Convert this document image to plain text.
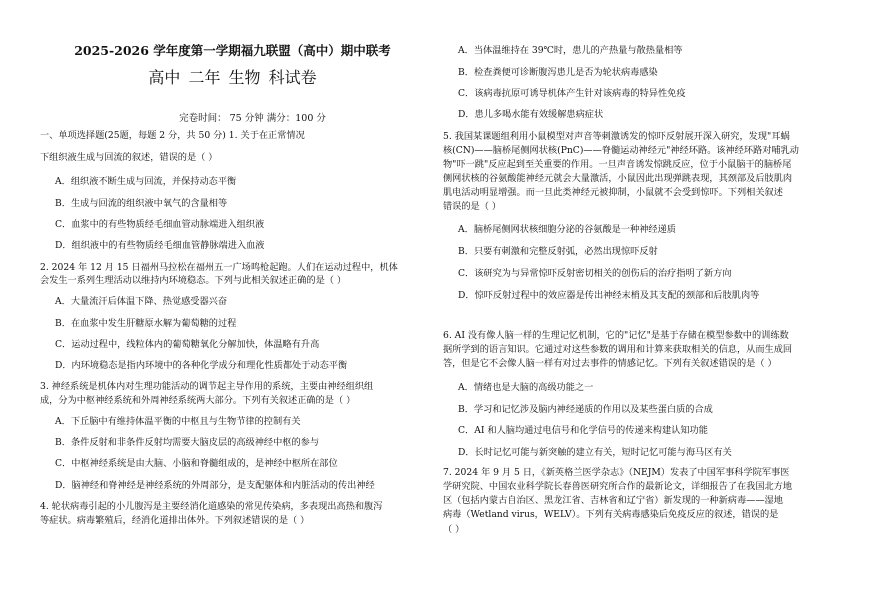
2025-2026 学年度第一学期福九联盟（高中）期中联考
高中 二年 生物 科试卷
完卷时间： 75 分钟 满分：100 分
一、单项选择题(25题，每题 2 分，共 50 分) 1. 关于在正常情况
下组织液生成与回流的叙述，错误的是（ ）
A．组织液不断生成与回流，并保持动态平衡
B．生成与回流的组织液中氧气的含量相等
C．血浆中的有些物质经毛细血管动脉端进入组织液
D．组织液中的有些物质经毛细血管静脉端进入血液
2. 2024 年 12 月 15 日福州马拉松在福州五一广场鸣枪起跑。人们在运动过程中，机体
会发生一系列生理活动以维持内环境稳态。下列与此相关叙述正确的是（ ）
A．大量流汗后体温下降、热觉感受器兴奋
B．在血浆中发生肝糖原水解为葡萄糖的过程
C．运动过程中，线粒体内的葡萄糖氧化分解加快，体温略有升高
D．内环境稳态是指内环境中的各种化学成分和理化性质都处于动态平衡
3. 神经系统是机体内对生理功能活动的调节起主导作用的系统，主要由神经组织组
成，分为中枢神经系统和外周神经系统两大部分。下列有关叙述正确的是（ ）
A．下丘脑中有维持体温平衡的中枢且与生物节律的控制有关
B．条件反射和非条件反射均需要大脑皮层的高级神经中枢的参与
C．中枢神经系统是由大脑、小脑和脊髓组成的，是神经中枢所在部位
D．脑神经和脊神经是神经系统的外周部分，是支配躯体和内脏活动的传出神经
4. 轮状病毒引起的小儿腹泻是主要经消化道感染的常见传染病，多表现出高热和腹泻
等症状。病毒繁殖后，经消化道排出体外。下列叙述错误的是（ ）
A．当体温维持在 39℃时，患儿的产热量与散热量相等
B．检查粪便可诊断腹泻患儿是否为轮状病毒感染
C．该病毒抗原可诱导机体产生针对该病毒的特异性免疫
D．患儿多喝水能有效缓解患病症状
5. 我国某课题组利用小鼠模型对声音等刺激诱发的惊吓反射展开深入研究，发现"耳蜗
核(CN)——脑桥尾侧网状核(PnC)——脊髓运动神经元"神经环路。该神经环路对哺乳动
物"吓一跳"反应起到至关重要的作用。一旦声音诱发惊跳反应，位于小鼠脑干的脑桥尾
侧网状核的谷氨酸能神经元就会大量激活，小鼠因此出现弹跳表现，其颈部及后肢肌肉
肌电活动明显增强。而一旦此类神经元被抑制，小鼠就不会受到惊吓。下列相关叙述
错误的是（ ）
A．脑桥尾侧网状核细胞分泌的谷氨酸是一种神经递质
B．只要有刺激和完整反射弧，必然出现惊吓反射
C．该研究为与异常惊吓反射密切相关的创伤后的治疗指明了新方向
D．惊吓反射过程中的效应器是传出神经末梢及其支配的颈部和后肢肌肉等
6. AI 没有像人脑一样的生理记忆机制，它的"记忆"是基于存储在模型参数中的训练数
据所学到的语言知识。它通过对这些参数的调用和计算来获取相关的信息，从而生成回
答，但是它不会像人脑一样有对过去事件的情感记忆。下列有关叙述错误的是（ ）
A．情绪也是大脑的高级功能之一
B．学习和记忆涉及脑内神经递质的作用以及某些蛋白质的合成
C．AI 和人脑均通过电信号和化学信号的传递来构建认知功能
D．长时记忆可能与新突触的建立有关，短时记忆可能与海马区有关
7. 2024 年 9 月 5 日，《新英格兰医学杂志》（NEJM）发表了中国军事科学院军事医
学研究院、中国农业科学院长春兽医研究所合作的最新论文，详细报告了在我国北方地
区（包括内蒙古自治区、黑龙江省、吉林省和辽宁省）新发现的一种新病毒——湿地
病毒（Wetland virus，WELV）。下列有关病毒感染后免疫反应的叙述，错误的是
（ ）
